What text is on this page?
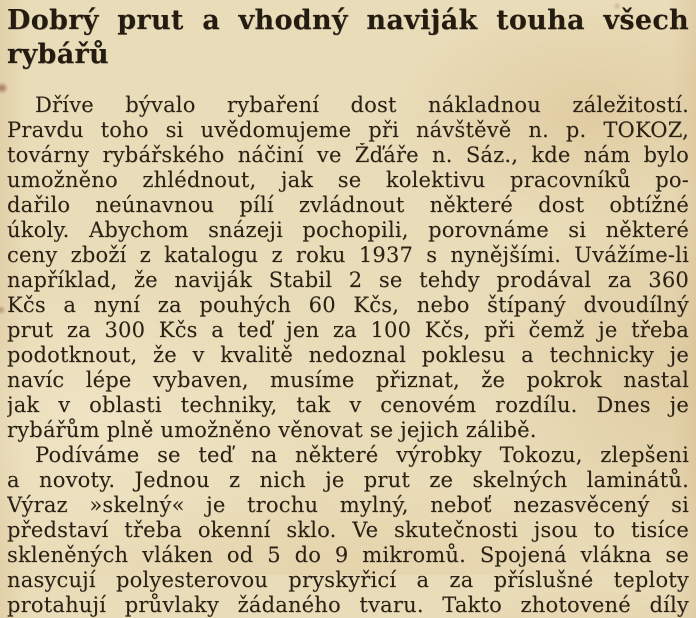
Dobrý prut a vhodný naviják touha všech rybářů
Dříve bývalo rybaření dost nákladnou záležitostí.
Pravdu toho si uvědomujeme při návštěvě n. p. TOKOZ,
továrny rybářského náčiní ve Žďáře n. Sáz., kde nám bylo
umožněno zhlédnout, jak se kolektivu pracovníků po-
dařilo neúnavnou pílí zvládnout některé dost obtížné
úkoly. Abychom snázeji pochopili, porovnáme si některé
ceny zboží z katalogu z roku 1937 s nynějšími. Uvážíme-li
například, že naviják Stabil 2 se tehdy prodával za 360
Kčs a nyní za pouhých 60 Kčs, nebo štípaný dvoudílný
prut za 300 Kčs a teď jen za 100 Kčs, při čemž je třeba
podotknout, že v kvalitě nedoznal poklesu a technicky je
navíc lépe vybaven, musíme přiznat, že pokrok nastal
jak v oblasti techniky, tak v cenovém rozdílu. Dnes je
rybářům plně umožněno věnovat se jejich zálibě.
Podíváme se teď na některé výrobky Tokozu, zlepšeni
a novoty. Jednou z nich je prut ze skelných laminátů.
Výraz »skelný« je trochu mylný, neboť nezasvěcený si
představí třeba okenní sklo. Ve skutečnosti jsou to tisíce
skleněných vláken od 5 do 9 mikromů. Spojená vlákna se
nasycují polyesterovou pryskyřicí a za příslušné teploty
protahují průvlaky žádaného tvaru. Takto zhotovené díly
